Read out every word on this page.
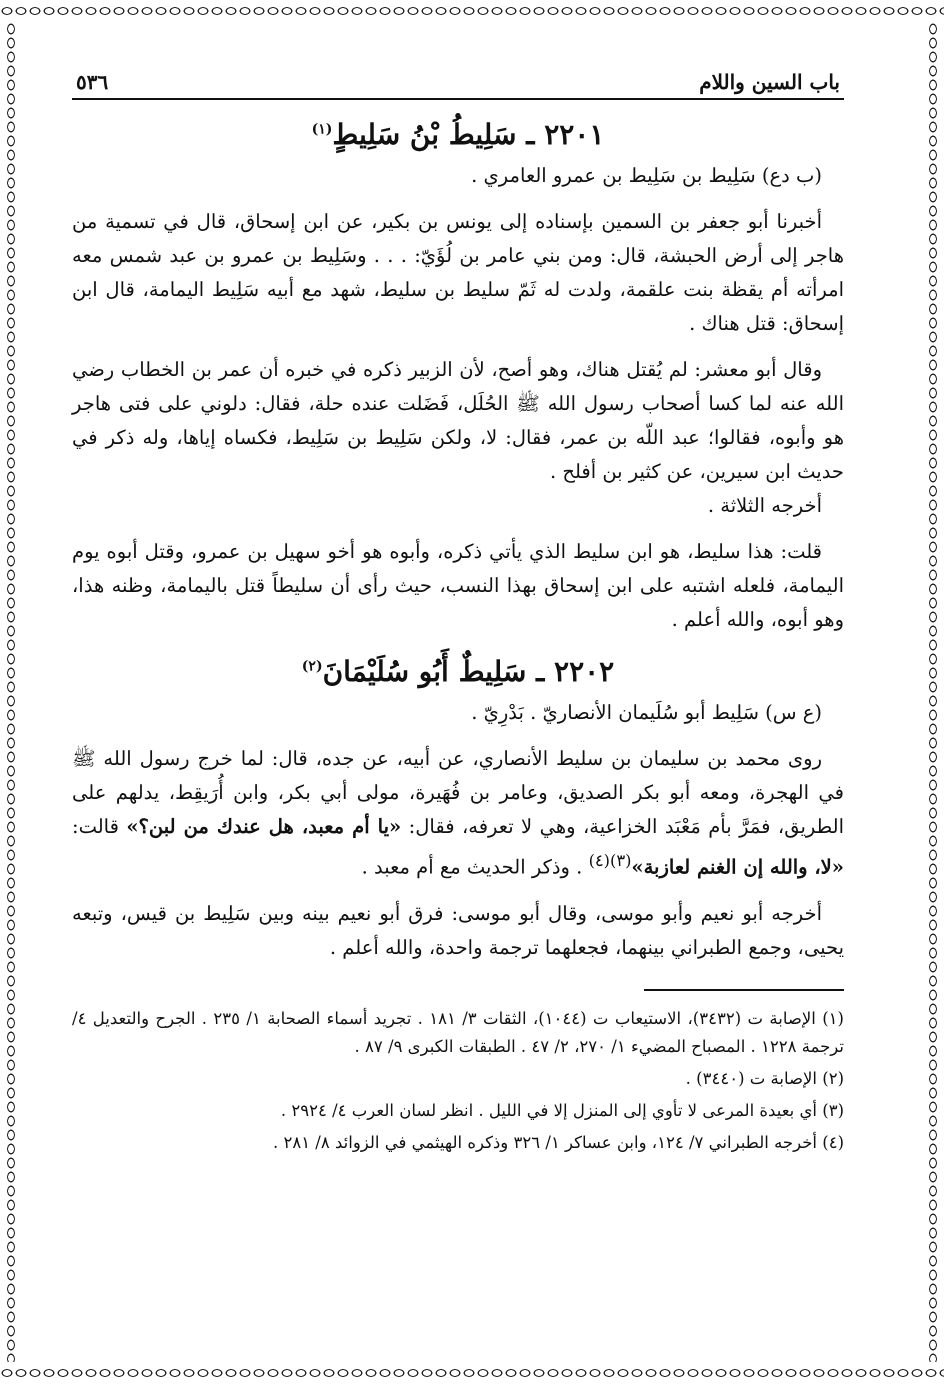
باب السين واللام
٥٣٦
٢٢٠١ ـ سَلِيطُ بْنُ سَلِيطٍ$^{(١)}$

(ب دع) سَلِيط بن سَلِيط بن عمرو العامري .

أخبرنا أبو جعفر بن السمين بإسناده إلى يونس بن بكير، عن ابن إسحاق، قال في تسمية من هاجر إلى أرض الحبشة، قال: ومن بني عامر بن لُؤَيّ: . . . وسَلِيط بن عمرو بن عبد شمس معه امرأته أم يقظة بنت علقمة، ولدت له ثَمّ سليط بن سليط، شهد مع أبيه سَلِيط اليمامة، قال ابن إسحاق: قتل هناك .

وقال أبو معشر: لم يُقتل هناك، وهو أصح، لأن الزبير ذكره في خبره أن عمر بن الخطاب رضي الله عنه لما كسا أصحاب رسول الله ﷺ الحُلَل، فَضَلت عنده حلة، فقال: دلوني على فتى هاجر هو وأبوه، فقالوا؛ عبد اللّه بن عمر، فقال: لا، ولكن سَلِيط بن سَلِيط، فكساه إياها، وله ذكر في حديث ابن سيرين، عن كثير بن أفلح .

أخرجه الثلاثة .

قلت: هذا سليط، هو ابن سليط الذي يأتي ذكره، وأبوه هو أخو سهيل بن عمرو، وقتل أبوه يوم اليمامة، فلعله اشتبه على ابن إسحاق بهذا النسب، حيث رأى أن سليطاً قتل باليمامة، وظنه هذا، وهو أبوه، والله أعلم .

٢٢٠٢ ـ سَلِيطٌ أَبُو سُلَيْمَانَ$^{(٢)}$

(ع س) سَلِيط أبو سُلَيمان الأنصاريّ . بَدْرِيّ .

روى محمد بن سليمان بن سليط الأنصاري، عن أبيه، عن جده، قال: لما خرج رسول الله ﷺ في الهجرة، ومعه أبو بكر الصديق، وعامر بن فُهَيرة، مولى أبي بكر، وابن أُرَيقِط، يدلهم على الطريق، فمَرَّ بأم مَعْبَد الخزاعية، وهي لا تعرفه، فقال: «يا أم معبد، هل عندك من لبن؟» قالت: «لا، والله إن الغنم لعازبة»$^{(٣)(٤)}$ . وذكر الحديث مع أم معبد .

أخرجه أبو نعيم وأبو موسى، وقال أبو موسى: فرق أبو نعيم بينه وبين سَلِيط بن قيس، وتبعه يحيى، وجمع الطبراني بينهما، فجعلهما ترجمة واحدة، والله أعلم .

(١) الإصابة ت (٣٤٣٢)، الاستيعاب ت (١٠٤٤)، الثقات ٣/ ١٨١ . تجريد أسماء الصحابة ١/ ٢٣٥ . الجرح والتعديل ٤/ ترجمة ١٢٢٨ . المصباح المضيء ١/ ٢٧٠، ٢/ ٤٧ . الطبقات الكبرى ٩/ ٨٧ .

(٢) الإصابة ت (٣٤٤٠) .

(٣) أي بعيدة المرعى لا تأوي إلى المنزل إلا في الليل . انظر لسان العرب ٤/ ٢٩٢٤ .

(٤) أخرجه الطبراني ٧/ ١٢٤، وابن عساكر ١/ ٣٢٦ وذكره الهيثمي في الزوائد ٨/ ٢٨١ .
